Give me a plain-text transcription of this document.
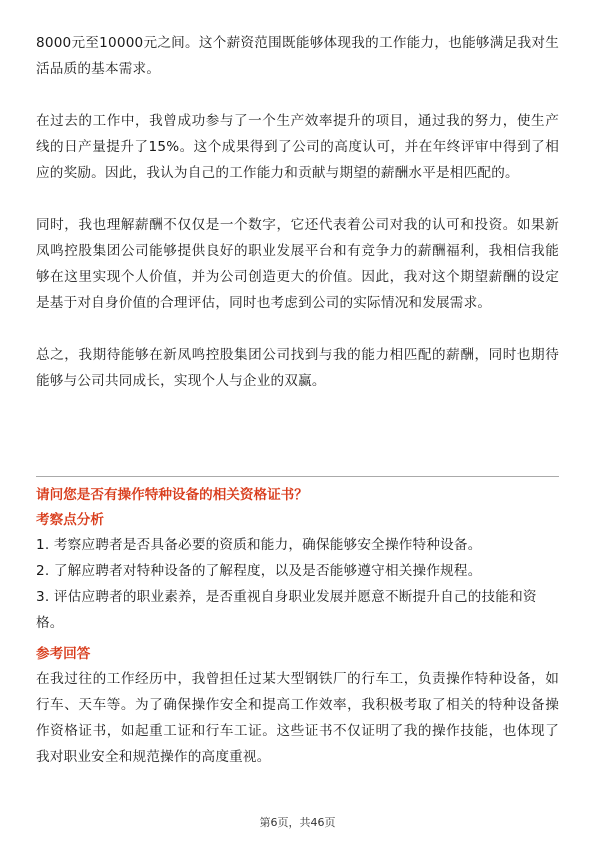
8000元至10000元之间。这个薪资范围既能够体现我的工作能力，也能够满足我对生活品质的基本需求。

在过去的工作中，我曾成功参与了一个生产效率提升的项目，通过我的努力，使生产线的日产量提升了15%。这个成果得到了公司的高度认可，并在年终评审中得到了相应的奖励。因此，我认为自己的工作能力和贡献与期望的薪酬水平是相匹配的。

同时，我也理解薪酬不仅仅是一个数字，它还代表着公司对我的认可和投资。如果新凤鸣控股集团公司能够提供良好的职业发展平台和有竞争力的薪酬福利，我相信我能够在这里实现个人价值，并为公司创造更大的价值。因此，我对这个期望薪酬的设定是基于对自身价值的合理评估，同时也考虑到公司的实际情况和发展需求。

总之，我期待能够在新凤鸣控股集团公司找到与我的能力相匹配的薪酬，同时也期待能够与公司共同成长，实现个人与企业的双赢。

请问您是否有操作特种设备的相关资格证书？

考察点分析

1. 考察应聘者是否具备必要的资质和能力，确保能够安全操作特种设备。

2. 了解应聘者对特种设备的了解程度，以及是否能够遵守相关操作规程。

3. 评估应聘者的职业素养，是否重视自身职业发展并愿意不断提升自己的技能和资格。

参考回答

在我过往的工作经历中，我曾担任过某大型钢铁厂的行车工，负责操作特种设备，如行车、天车等。为了确保操作安全和提高工作效率，我积极考取了相关的特种设备操作资格证书，如起重工证和行车工证。这些证书不仅证明了我的操作技能，也体现了我对职业安全和规范操作的高度重视。

第6页，共46页
